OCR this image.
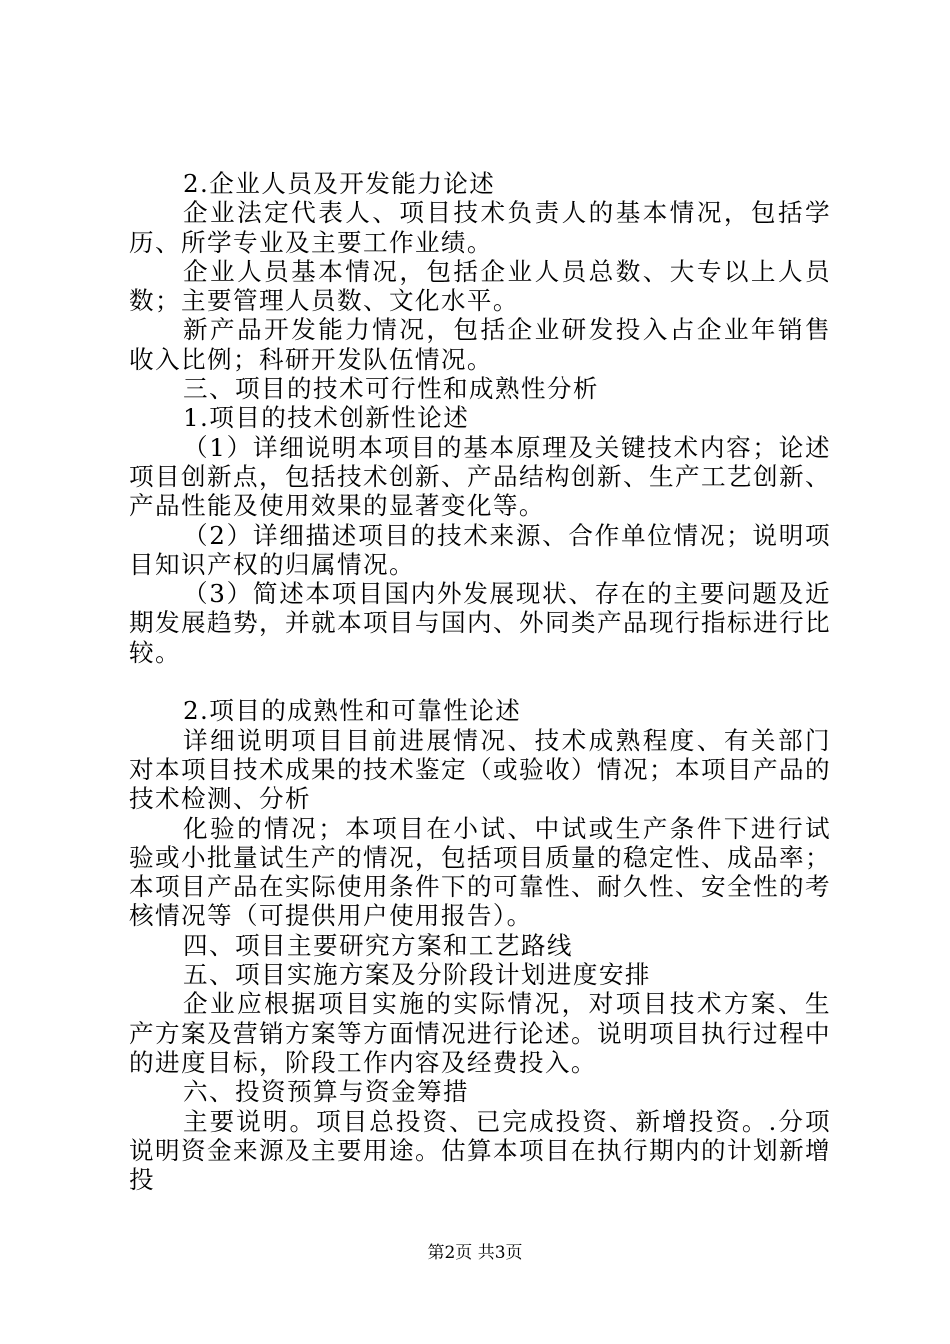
2.企业人员及开发能力论述

企业法定代表人、项目技术负责人的基本情况，包括学历、所学专业及主要工作业绩。

企业人员基本情况，包括企业人员总数、大专以上人员数；主要管理人员数、文化水平。

新产品开发能力情况，包括企业研发投入占企业年销售收入比例；科研开发队伍情况。

三、项目的技术可行性和成熟性分析

1.项目的技术创新性论述

（1）详细说明本项目的基本原理及关键技术内容；论述项目创新点，包括技术创新、产品结构创新、生产工艺创新、产品性能及使用效果的显著变化等。

（2）详细描述项目的技术来源、合作单位情况；说明项目知识产权的归属情况。

（3）简述本项目国内外发展现状、存在的主要问题及近期发展趋势，并就本项目与国内、外同类产品现行指标进行比较。

2.项目的成熟性和可靠性论述

详细说明项目目前进展情况、技术成熟程度、有关部门对本项目技术成果的技术鉴定（或验收）情况；本项目产品的技术检测、分析

化验的情况；本项目在小试、中试或生产条件下进行试验或小批量试生产的情况，包括项目质量的稳定性、成品率；本项目产品在实际使用条件下的可靠性、耐久性、安全性的考核情况等（可提供用户使用报告）。

四、项目主要研究方案和工艺路线

五、项目实施方案及分阶段计划进度安排

企业应根据项目实施的实际情况，对项目技术方案、生产方案及营销方案等方面情况进行论述。说明项目执行过程中的进度目标，阶段工作内容及经费投入。

六、投资预算与资金筹措

主要说明。项目总投资、已完成投资、新增投资。.分项说明资金来源及主要用途。估算本项目在执行期内的计划新增投

第2页 共3页
